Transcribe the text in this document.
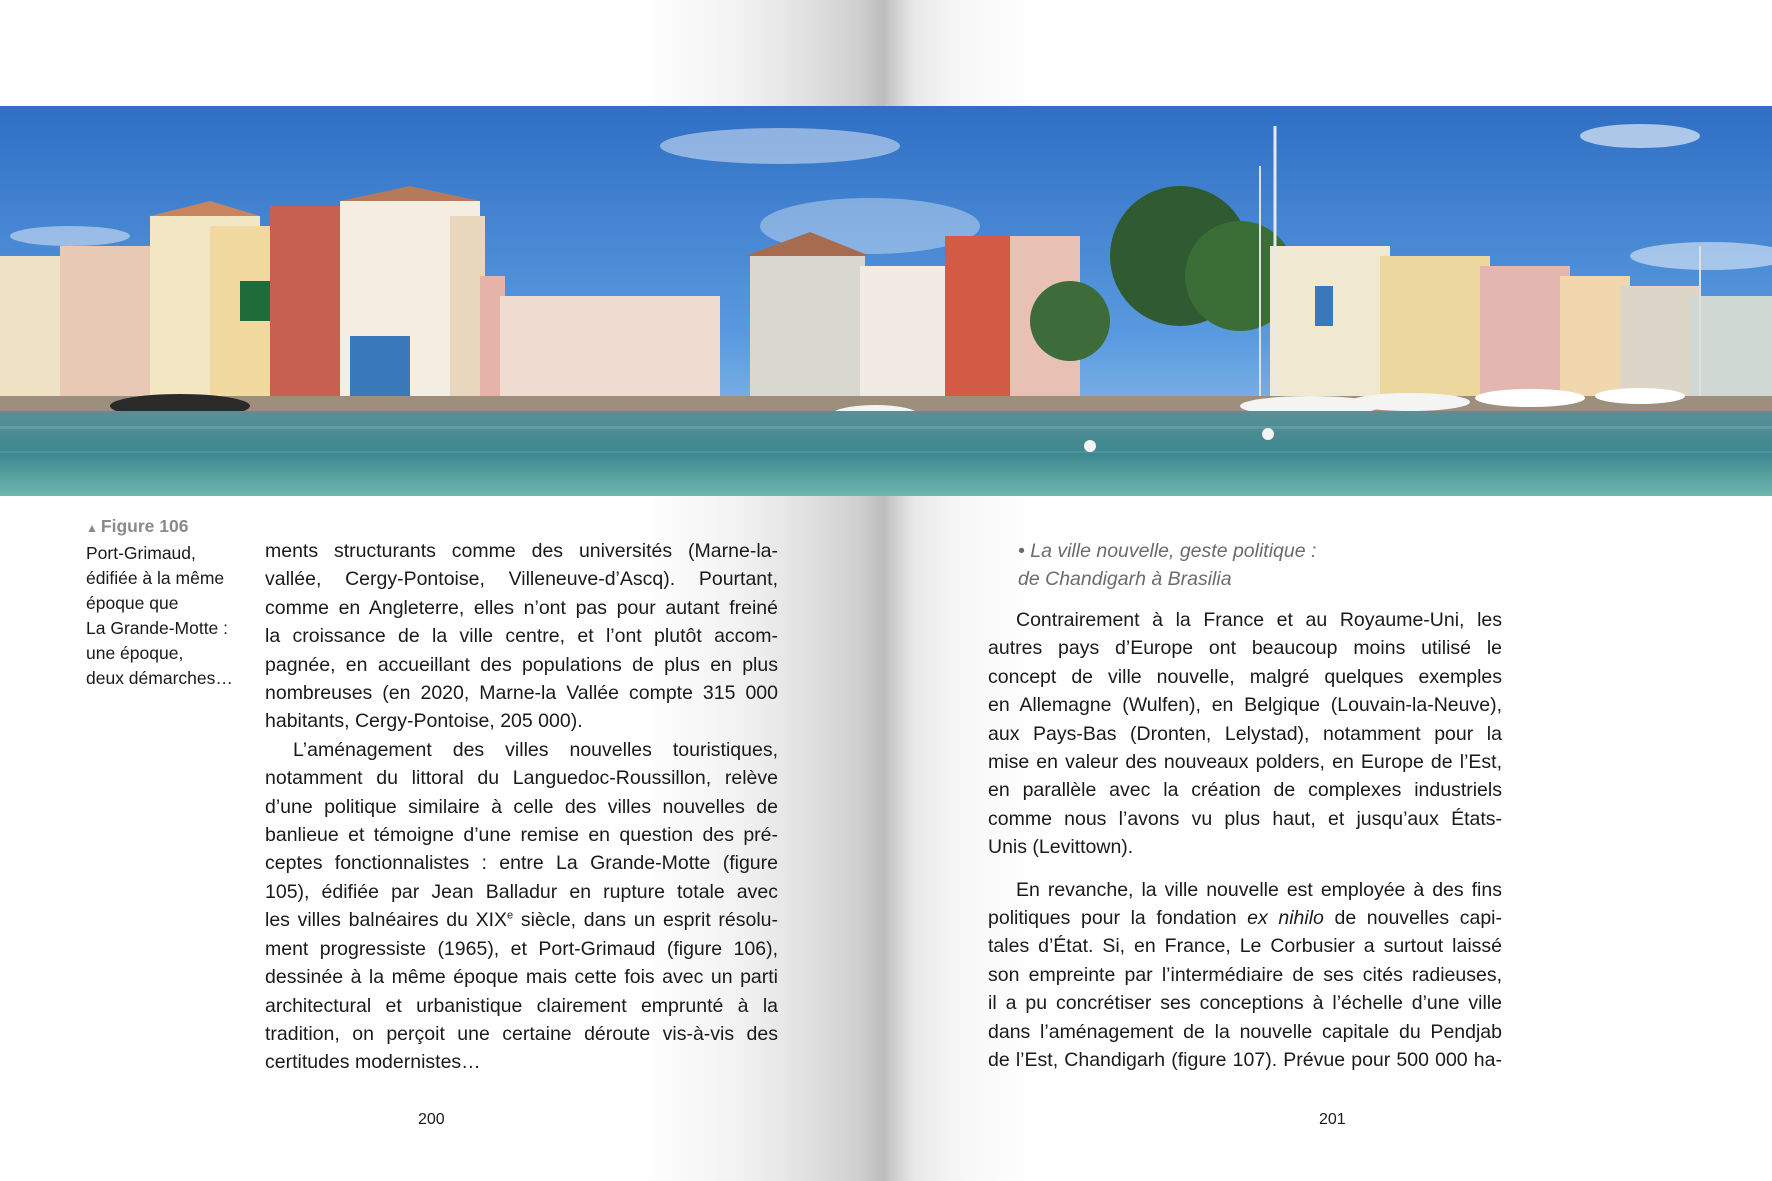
▲ Figure 106
Port-Grimaud,
édifiée à la même
époque que
La Grande-Motte :
une époque,
deux démarches…

ments structurants comme des universités (Marne-la-

vallée, Cergy-Pontoise, Villeneuve-d’Ascq). Pourtant,

comme en Angleterre, elles n’ont pas pour autant freiné

la croissance de la ville centre, et l’ont plutôt accom-

pagnée, en accueillant des populations de plus en plus

nombreuses (en 2020, Marne-la Vallée compte 315 000

habitants, Cergy-Pontoise, 205 000).

L’aménagement des villes nouvelles touristiques,

notamment du littoral du Languedoc-Roussillon, relève

d’une politique similaire à celle des villes nouvelles de

banlieue et témoigne d’une remise en question des pré-

ceptes fonctionnalistes : entre La Grande-Motte (figure

105), édifiée par Jean Balladur en rupture totale avec

les villes balnéaires du XIXe siècle, dans un esprit résolu-

ment progressiste (1965), et Port-Grimaud (figure 106),

dessinée à la même époque mais cette fois avec un parti

architectural et urbanistique clairement emprunté à la

tradition, on perçoit une certaine déroute vis-à-vis des

certitudes modernistes…

• La ville nouvelle, geste politique :
de Chandigarh à Brasilia

Contrairement à la France et au Royaume-Uni, les

autres pays d’Europe ont beaucoup moins utilisé le

concept de ville nouvelle, malgré quelques exemples

en Allemagne (Wulfen), en Belgique (Louvain-la-Neuve),

aux Pays-Bas (Dronten, Lelystad), notamment pour la

mise en valeur des nouveaux polders, en Europe de l’Est,

en parallèle avec la création de complexes industriels

comme nous l’avons vu plus haut, et jusqu’aux États-

Unis (Levittown).

En revanche, la ville nouvelle est employée à des fins

politiques pour la fondation ex nihilo de nouvelles capi-

tales d’État. Si, en France, Le Corbusier a surtout laissé

son empreinte par l’intermédiaire de ses cités radieuses,

il a pu concrétiser ses conceptions à l’échelle d’une ville

dans l’aménagement de la nouvelle capitale du Pendjab

de l’Est, Chandigarh (figure 107). Prévue pour 500 000 ha-

200	201
